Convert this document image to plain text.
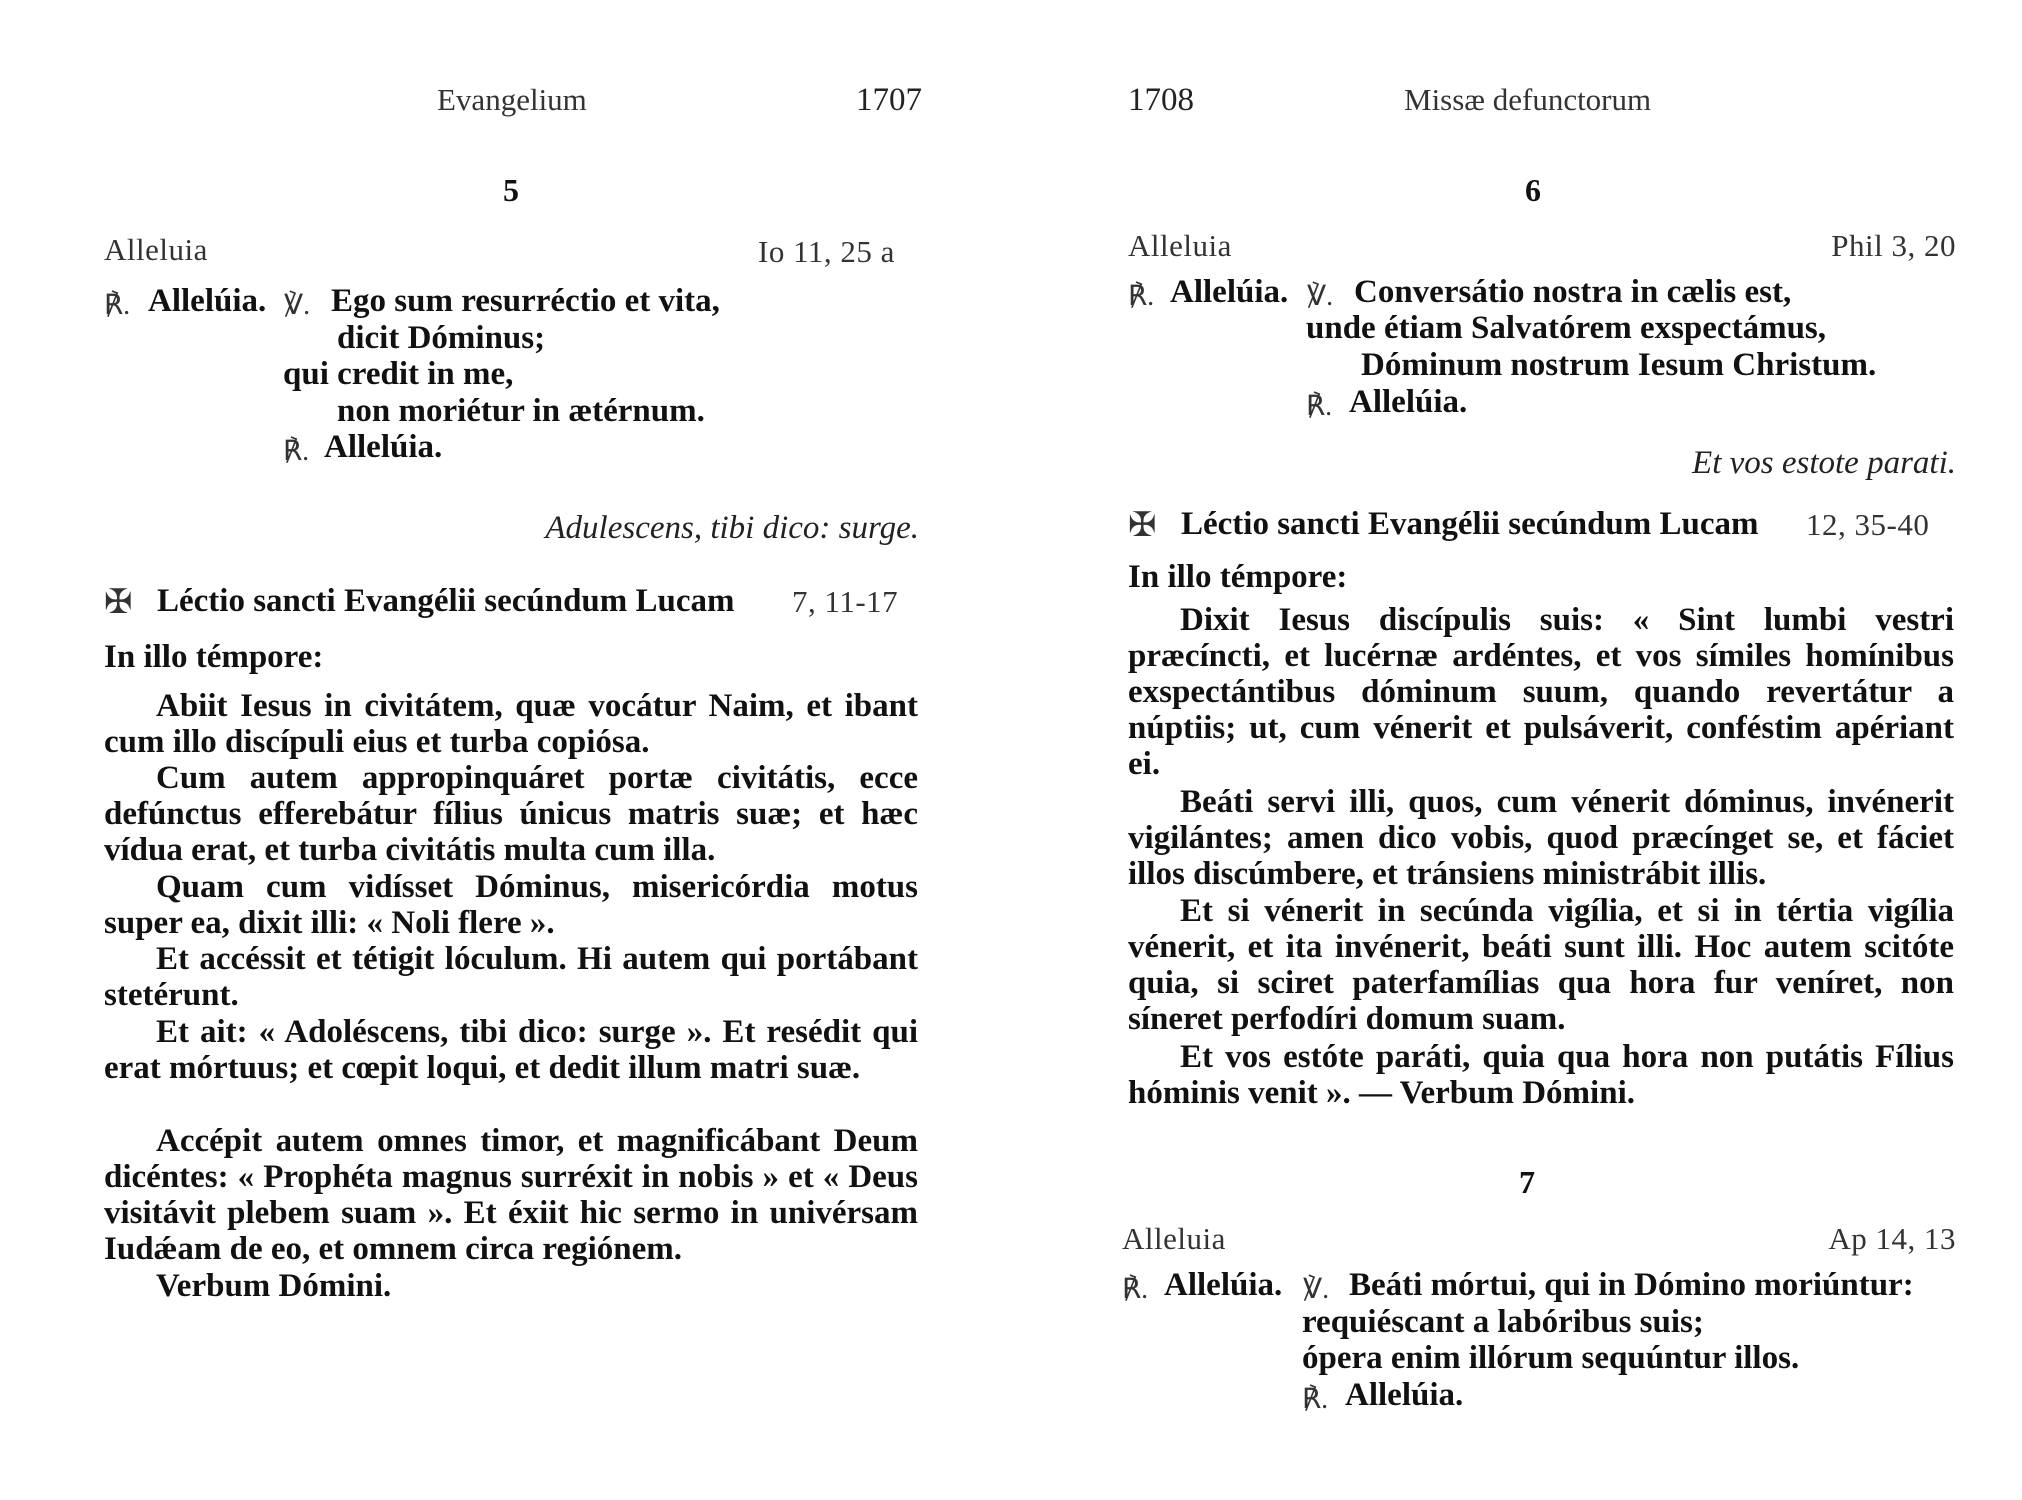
Evangelium	1707
5
Alleluia	Io 11, 25 a
℟. Allelúia. ℣. Ego sum resurréctio et vita,
dicit Dóminus;
qui credit in me,
non moriétur in ætérnum.
℟. Allelúia.
Adulescens, tibi dico: surge.
✠ Léctio sancti Evangélii secúndum Lucam 7, 11-17
In illo témpore:

Abiit Iesus in civitátem, quæ vocátur Naim, et ibant cum illo discípuli eius et turba copiósa.

Cum autem appropinquáret portæ civitátis, ecce defúnctus efferebátur fílius únicus matris suæ; et hæc vídua erat, et turba civitátis multa cum illa.

Quam cum vidísset Dóminus, misericórdia motus super ea, dixit illi: « Noli flere ».

Et accéssit et tétigit lóculum. Hi autem qui portábant stetérunt.

Et ait: « Adoléscens, tibi dico: surge ». Et resédit qui erat mórtuus; et cœpit loqui, et dedit illum matri suæ.

Accépit autem omnes timor, et magnificábant Deum dicéntes: « Prophéta magnus surréxit in nobis » et « Deus visitávit plebem suam ». Et éxiit hic sermo in univérsam Iudǽam de eo, et omnem circa regiónem.

Verbum Dómini.

1708	Missæ defunctorum
6
Alleluia	Phil 3, 20
℟. Allelúia. ℣. Conversátio nostra in cælis est,
unde étiam Salvatórem exspectámus,
Dóminum nostrum Iesum Christum.
℟. Allelúia.
Et vos estote parati.
✠ Léctio sancti Evangélii secúndum Lucam 12, 35-40
In illo témpore:

Dixit Iesus discípulis suis: « Sint lumbi vestri præcíncti, et lucérnæ ardéntes, et vos símiles homínibus exspectántibus dóminum suum, quando revertátur a núptiis; ut, cum vénerit et pulsáverit, conféstim apériant ei.

Beáti servi illi, quos, cum vénerit dóminus, invénerit vigilántes; amen dico vobis, quod præcínget se, et fáciet illos discúmbere, et tránsiens ministrábit illis.

Et si vénerit in secúnda vigília, et si in tértia vigília vénerit, et ita invénerit, beáti sunt illi. Hoc autem scitóte quia, si sciret paterfamílias qua hora fur veníret, non síneret perfodíri domum suam.

Et vos estóte paráti, quia qua hora non putátis Fílius hóminis venit ». — Verbum Dómini.

7
Alleluia	Ap 14, 13
℟. Allelúia. ℣. Beáti mórtui, qui in Dómino moriúntur:
requiéscant a labóribus suis;
ópera enim illórum sequúntur illos.
℟. Allelúia.
